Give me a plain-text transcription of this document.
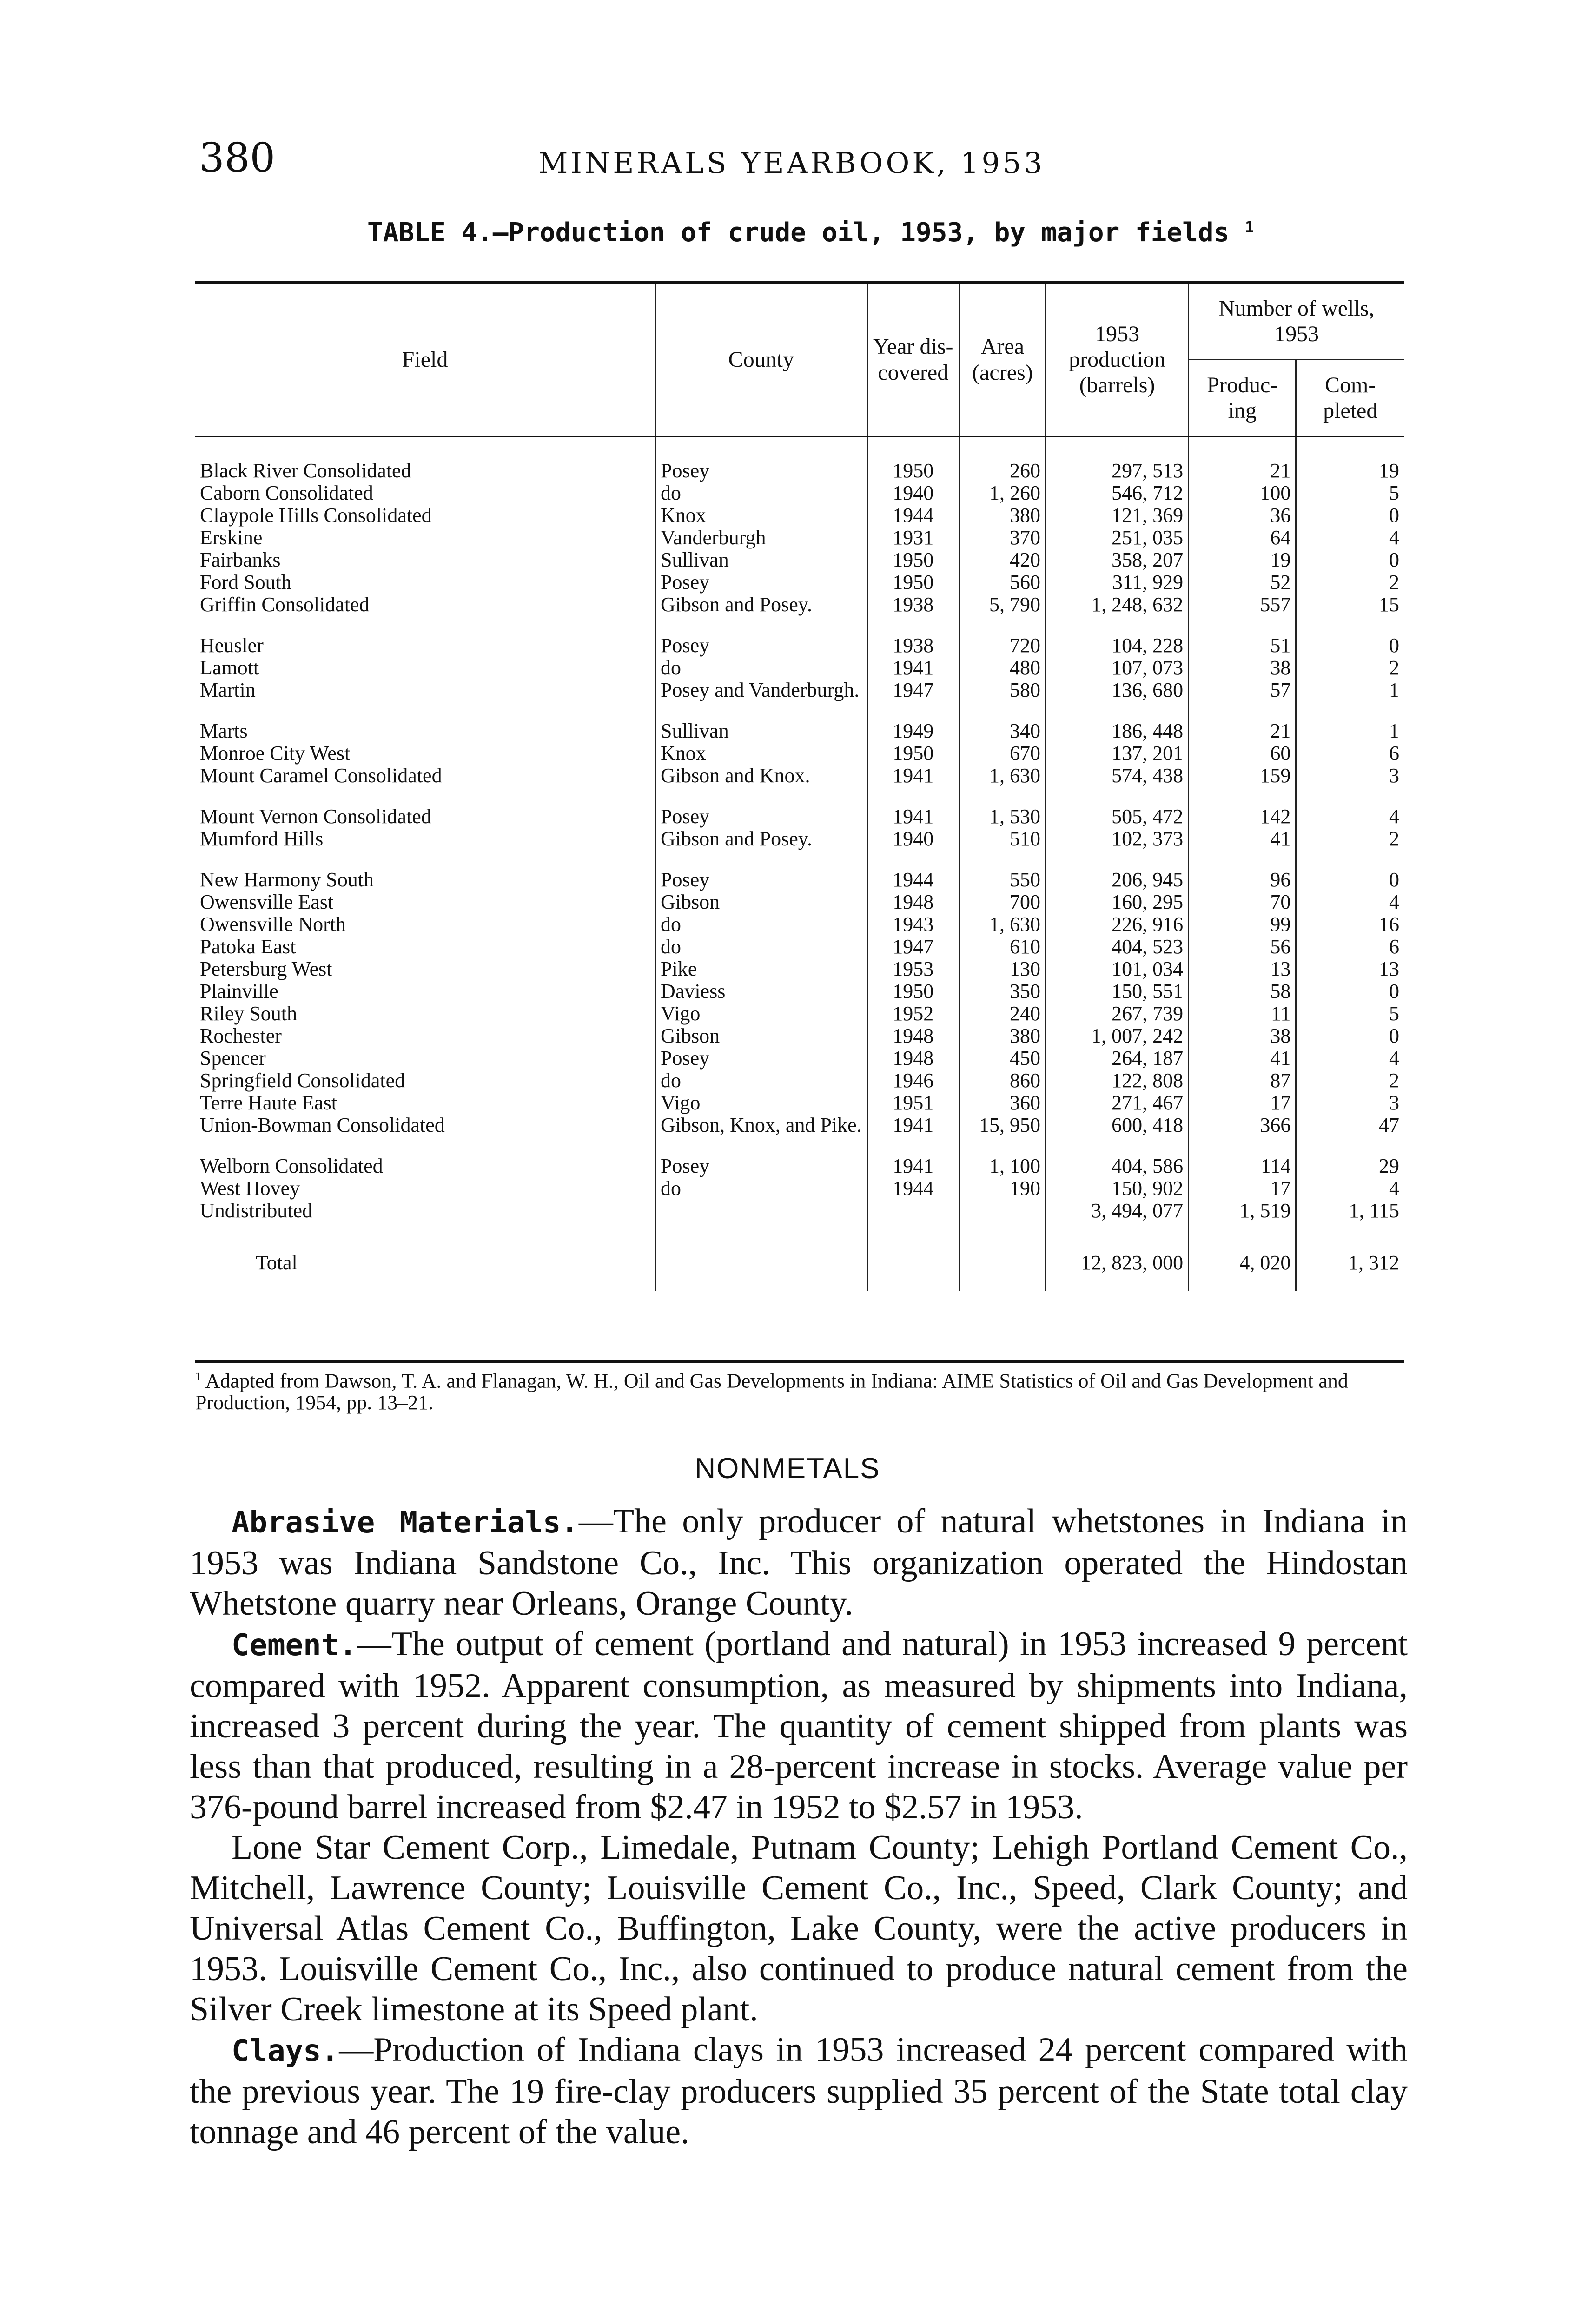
380	MINERALS YEARBOOK, 1953
TABLE 4.—Production of crude oil, 1953, by major fields $^1$
Field	County	Year dis-covered	Area (acres)	1953 production (barrels)	Number of wells, 1953	
					Produc-ing	Com-pleted
Black River Consolidated	Posey	1950	260	297, 513	21	19
Caborn Consolidated	do	1940	1, 260	546, 712	100	5
Claypole Hills Consolidated	Knox	1944	380	121, 369	36	0
Erskine	Vanderburgh	1931	370	251, 035	64	4
Fairbanks	Sullivan	1950	420	358, 207	19	0
Ford South	Posey	1950	560	311, 929	52	2
Griffin Consolidated	Gibson and Posey.	1938	5, 790	1, 248, 632	557	15
Heusler	Posey	1938	720	104, 228	51	0
Lamott	do	1941	480	107, 073	38	2
Martin	Posey and Vanderburgh.	1947	580	136, 680	57	1
Marts	Sullivan	1949	340	186, 448	21	1
Monroe City West	Knox	1950	670	137, 201	60	6
Mount Caramel Consolidated	Gibson and Knox.	1941	1, 630	574, 438	159	3
Mount Vernon Consolidated	Posey	1941	1, 530	505, 472	142	4
Mumford Hills	Gibson and Posey.	1940	510	102, 373	41	2
New Harmony South	Posey	1944	550	206, 945	96	0
Owensville East	Gibson	1948	700	160, 295	70	4
Owensville North	do	1943	1, 630	226, 916	99	16
Patoka East	do	1947	610	404, 523	56	6
Petersburg West	Pike	1953	130	101, 034	13	13
Plainville	Daviess	1950	350	150, 551	58	0
Riley South	Vigo	1952	240	267, 739	11	5
Rochester	Gibson	1948	380	1, 007, 242	38	0
Spencer	Posey	1948	450	264, 187	41	4
Springfield Consolidated	do	1946	860	122, 808	87	2
Terre Haute East	Vigo	1951	360	271, 467	17	3
Union-Bowman Consolidated	Gibson, Knox, and Pike.	1941	15, 950	600, 418	366	47
Welborn Consolidated	Posey	1941	1, 100	404, 586	114	29
West Hovey	do	1944	190	150, 902	17	4
Undistributed				3, 494, 077	1, 519	1, 115
Total				12, 823, 000	4, 020	1, 312
$^1$ Adapted from Dawson, T. A. and Flanagan, W. H., Oil and Gas Developments in Indiana: AIME Statistics of Oil and Gas Development and Production, 1954, pp. 13–21.
NONMETALS

Abrasive Materials.—The only producer of natural whetstones in Indiana in 1953 was Indiana Sandstone Co., Inc. This organization operated the Hindostan Whetstone quarry near Orleans, Orange County.

Cement.—The output of cement (portland and natural) in 1953 increased 9 percent compared with 1952. Apparent consumption, as measured by shipments into Indiana, increased 3 percent during the year. The quantity of cement shipped from plants was less than that produced, resulting in a 28-percent increase in stocks. Average value per 376-pound barrel increased from $2.47 in 1952 to $2.57 in 1953.

Lone Star Cement Corp., Limedale, Putnam County; Lehigh Portland Cement Co., Mitchell, Lawrence County; Louisville Cement Co., Inc., Speed, Clark County; and Universal Atlas Cement Co., Buffington, Lake County, were the active producers in 1953. Louisville Cement Co., Inc., also continued to produce natural cement from the Silver Creek limestone at its Speed plant.

Clays.—Production of Indiana clays in 1953 increased 24 percent compared with the previous year. The 19 fire-clay producers supplied 35 percent of the State total clay tonnage and 46 percent of the value.
